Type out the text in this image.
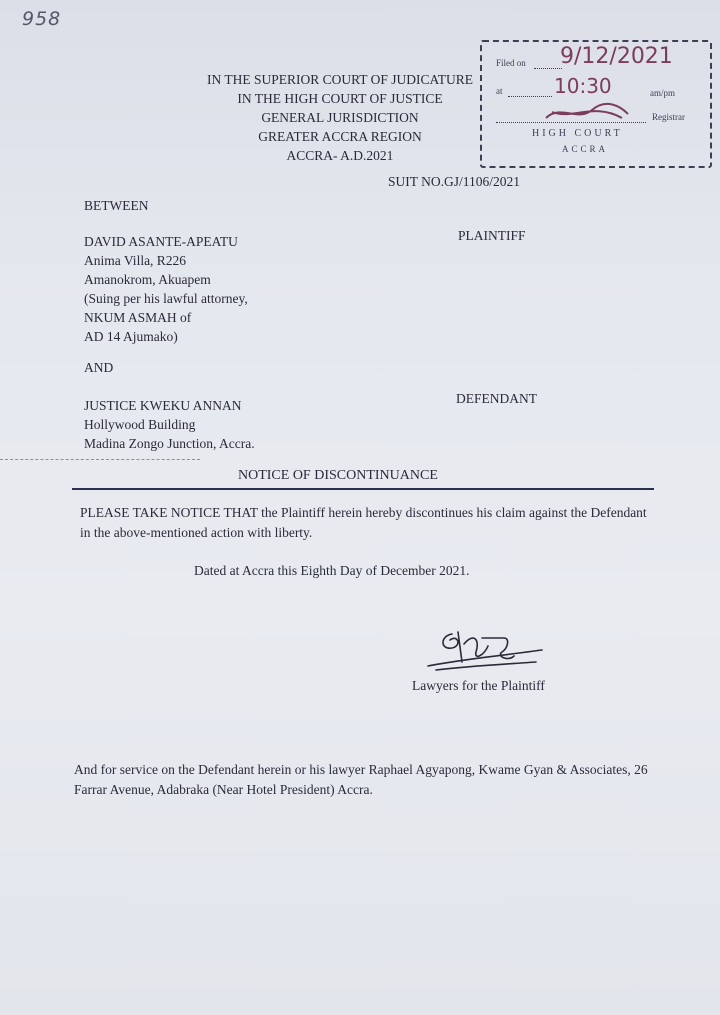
958
IN THE SUPERIOR COURT OF JUDICATURE
IN THE HIGH COURT OF JUSTICE
GENERAL JURISDICTION
GREATER ACCRA REGION
ACCRA- A.D.2021
Filed on 9/12/2021
at	10:30	am/pm
Registrar
HIGH COURT
ACCRA
SUIT NO.GJ/1106/2021
BETWEEN
PLAINTIFF
DAVID ASANTE-APEATU
Anima Villa, R226
Amanokrom, Akuapem
(Suing per his lawful attorney,
NKUM ASMAH of
AD 14 Ajumako)
AND
DEFENDANT
JUSTICE KWEKU ANNAN
Hollywood Building
Madina Zongo Junction, Accra.
NOTICE OF DISCONTINUANCE
PLEASE TAKE NOTICE THAT the Plaintiff herein hereby discontinues his claim against the Defendant in the above-mentioned action with liberty.
Dated at Accra this Eighth Day of December 2021.
Lawyers for the Plaintiff
And for service on the Defendant herein or his lawyer Raphael Agyapong, Kwame Gyan & Associates, 26 Farrar Avenue, Adabraka (Near Hotel President) Accra.
